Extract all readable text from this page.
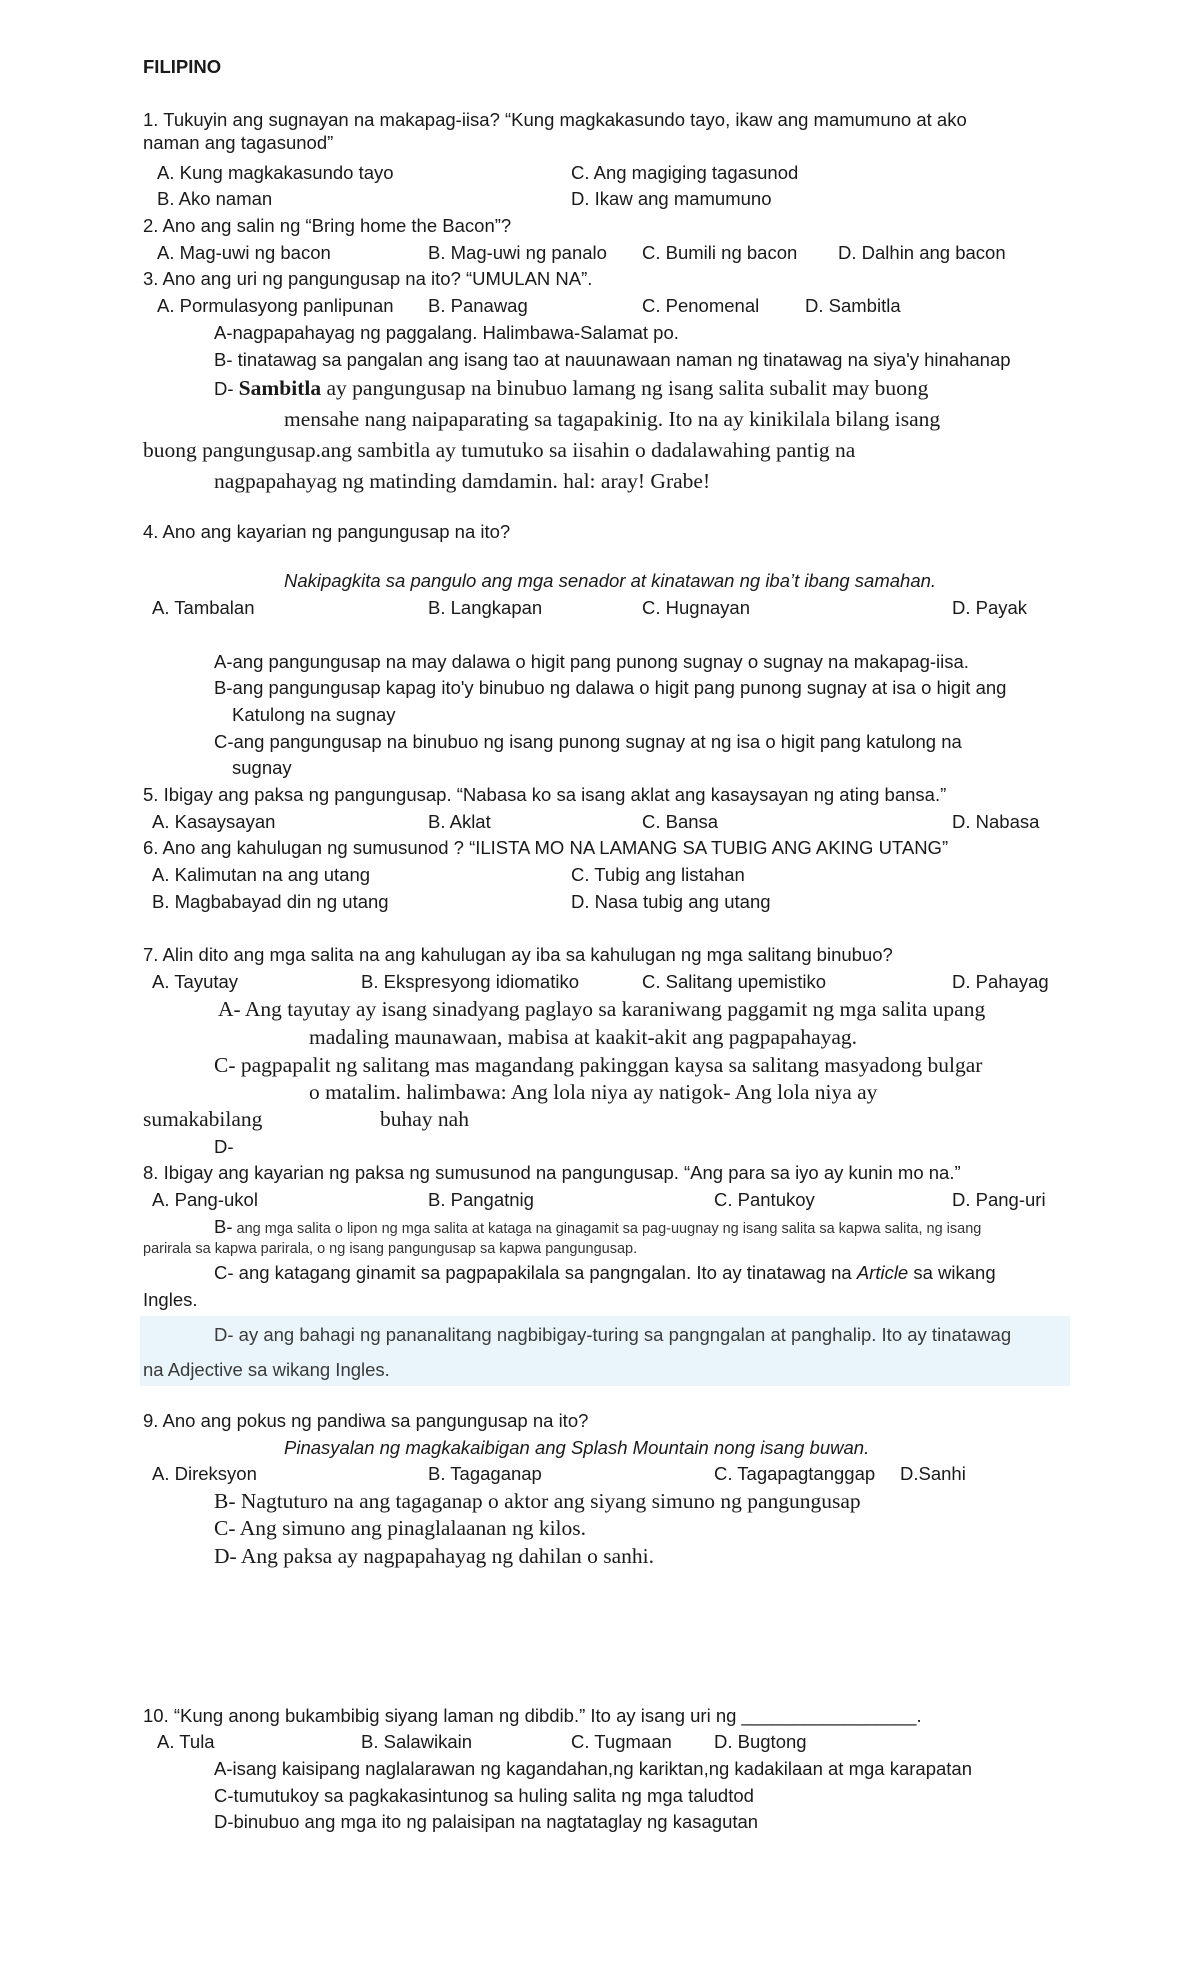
FILIPINO
1. Tukuyin ang sugnayan na makapag-iisa? “Kung magkakasundo tayo, ikaw ang mamumuno at ako
naman ang tagasunod”
A. Kung magkakasundo tayo	C. Ang magiging tagasunod
B. Ako naman	D. Ikaw ang mamumuno
2. Ano ang salin ng “Bring home the Bacon”?
A. Mag-uwi ng bacon	B. Mag-uwi ng panalo C. Bumili ng bacon D. Dalhin ang bacon
3. Ano ang uri ng pangungusap na ito? “UMULAN NA”.
A. Pormulasyong panlipunan B. Panawag	C. Penomenal D. Sambitla
A-nagpapahayag ng paggalang. Halimbawa-Salamat po.
B- tinatawag sa pangalan ang isang tao at nauunawaan naman ng tinatawag na siya'y hinahanap
D- Sambitla ay pangungusap na binubuo lamang ng isang salita subalit may buong
mensahe nang naipaparating sa tagapakinig. Ito na ay kinikilala bilang isang
buong pangungusap.ang sambitla ay tumutuko sa iisahin o dadalawahing pantig na
nagpapahayag ng matinding damdamin. hal: aray! Grabe!
4. Ano ang kayarian ng pangungusap na ito?
Nakipagkita sa pangulo ang mga senador at kinatawan ng iba’t ibang samahan.
A. Tambalan	B. Langkapan	C. Hugnayan	D. Payak
A-ang pangungusap na may dalawa o higit pang punong sugnay o sugnay na makapag-iisa.
B-ang pangungusap kapag ito'y binubuo ng dalawa o higit pang punong sugnay at isa o higit ang
Katulong na sugnay
C-ang pangungusap na binubuo ng isang punong sugnay at ng isa o higit pang katulong na
sugnay
5. Ibigay ang paksa ng pangungusap. “Nabasa ko sa isang aklat ang kasaysayan ng ating bansa.”
A. Kasaysayan	B. Aklat	C. Bansa	D. Nabasa
6. Ano ang kahulugan ng sumusunod ? “ILISTA MO NA LAMANG SA TUBIG ANG AKING UTANG”
A. Kalimutan na ang utang	C. Tubig ang listahan
B. Magbabayad din ng utang	D. Nasa tubig ang utang
7. Alin dito ang mga salita na ang kahulugan ay iba sa kahulugan ng mga salitang binubuo?
A. Tayutay	B. Ekspresyong idiomatiko	C. Salitang upemistiko	D. Pahayag
A- Ang tayutay ay isang sinadyang paglayo sa karaniwang paggamit ng mga salita upang
madaling maunawaan, mabisa at kaakit-akit ang pagpapahayag.
C- pagpapalit ng salitang mas magandang pakinggan kaysa sa salitang masyadong bulgar
o matalim. halimbawa: Ang lola niya ay natigok- Ang lola niya ay
sumakabilang	buhay nah
D-
8. Ibigay ang kayarian ng paksa ng sumusunod na pangungusap. “Ang para sa iyo ay kunin mo na.”
A. Pang-ukol	B. Pangatnig	C. Pantukoy	D. Pang-uri
B- ang mga salita o lipon ng mga salita at kataga na ginagamit sa pag-uugnay ng isang salita sa kapwa salita, ng isang
parirala sa kapwa parirala, o ng isang pangungusap sa kapwa pangungusap.
C- ang katagang ginamit sa pagpapakilala sa pangngalan. Ito ay tinatawag na Article sa wikang
Ingles.
D- ay ang bahagi ng pananalitang nagbibigay-turing sa pangngalan at panghalip. Ito ay tinatawag
na Adjective sa wikang Ingles.
9. Ano ang pokus ng pandiwa sa pangungusap na ito?
Pinasyalan ng magkakaibigan ang Splash Mountain nong isang buwan.
A. Direksyon	B. Tagaganap	C. Tagapagtanggap D.Sanhi
B- Nagtuturo na ang tagaganap o aktor ang siyang simuno ng pangungusap
C- Ang simuno ang pinaglalaanan ng kilos.
D- Ang paksa ay nagpapahayag ng dahilan o sanhi.
10. “Kung anong bukambibig siyang laman ng dibdib.” Ito ay isang uri ng _________________.
A. Tula	B. Salawikain	C. Tugmaan D. Bugtong
A-isang kaisipang naglalarawan ng kagandahan,ng kariktan,ng kadakilaan at mga karapatan
C-tumutukoy sa pagkakasintunog sa huling salita ng mga taludtod
D-binubuo ang mga ito ng palaisipan na nagtataglay ng kasagutan
